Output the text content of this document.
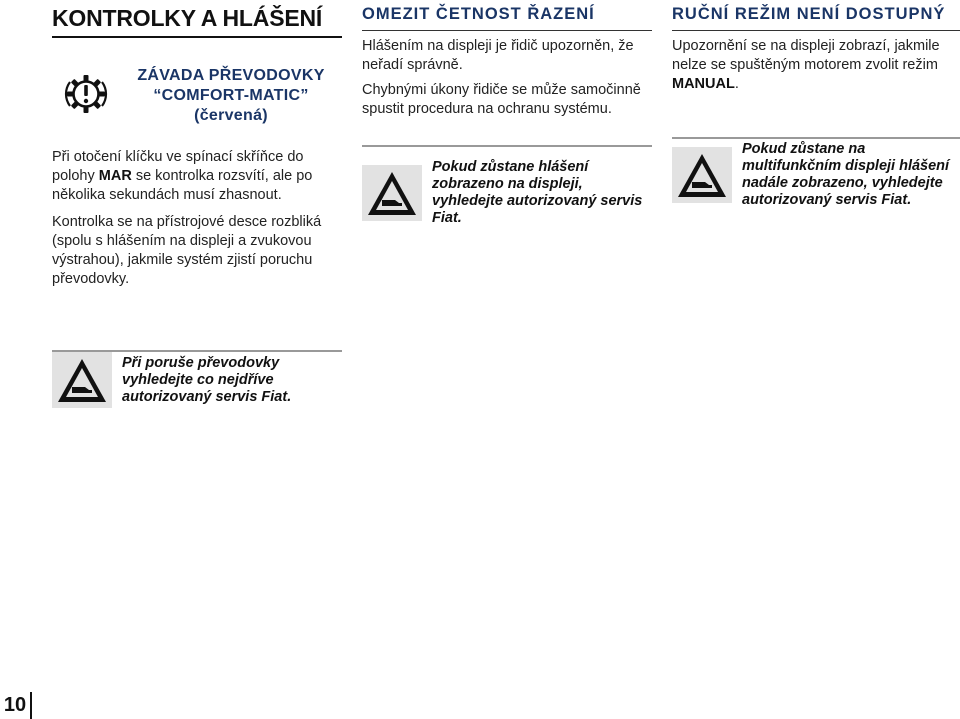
KONTROLKY A HLÁŠENÍ
ZÁVADA PŘEVODOVKY
“COMFORT-MATIC”
(červená)
Při otočení klíčku ve spínací skříňce do polohy MAR se kontrolka rozsvítí, ale po několika sekundách musí zhasnout.
Kontrolka se na přístrojové desce rozbliká (spolu s hlášením na displeji a zvukovou výstrahou), jakmile systém zjistí poruchu převodovky.
Při poruše převodovky vyhledejte co nejdříve autorizovaný servis Fiat.
OMEZIT ČETNOST ŘAZENÍ
Hlášením na displeji je řidič upozorněn, že neřadí správně.
Chybnými úkony řidiče se může samočinně spustit procedura na ochranu systému.
Pokud zůstane hlášení zobrazeno na displeji, vyhledejte autorizovaný servis Fiat.
RUČNÍ REŽIM NENÍ DOSTUPNÝ
Upozornění se na displeji zobrazí, jakmile nelze se spuštěným motorem zvolit režim MANUAL.
Pokud zůstane na multifunkčním displeji hlášení nadále zobrazeno, vyhledejte autorizovaný servis Fiat.
10
